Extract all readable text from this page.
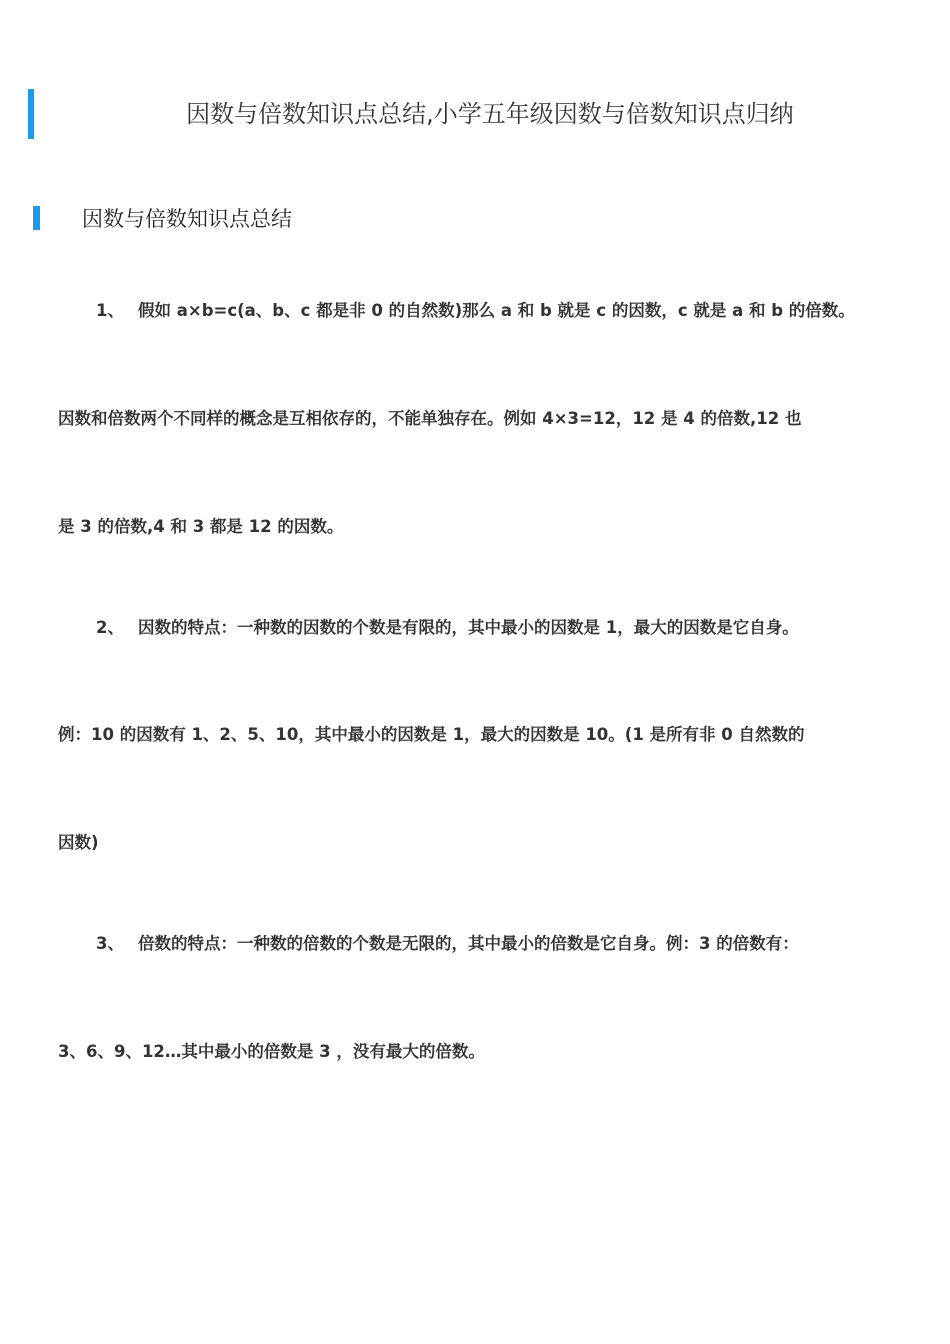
因数与倍数知识点总结,小学五年级因数与倍数知识点归纳
因数与倍数知识点总结
1、 假如 a×b=c(a、b、c 都是非 0 的自然数)那么 a 和 b 就是 c 的因数，c 就是 a 和 b 的倍数。
因数和倍数两个不同样的概念是互相依存的，不能单独存在。例如 4×3=12，12 是 4 的倍数,12 也
是 3 的倍数,4 和 3 都是 12 的因数。
2、 因数的特点：一种数的因数的个数是有限的，其中最小的因数是 1，最大的因数是它自身。
例：10 的因数有 1、2、5、10，其中最小的因数是 1，最大的因数是 10。(1 是所有非 0 自然数的
因数)
3、 倍数的特点：一种数的倍数的个数是无限的，其中最小的倍数是它自身。例：3 的倍数有：
3、6、9、12…其中最小的倍数是 3 ，没有最大的倍数。
